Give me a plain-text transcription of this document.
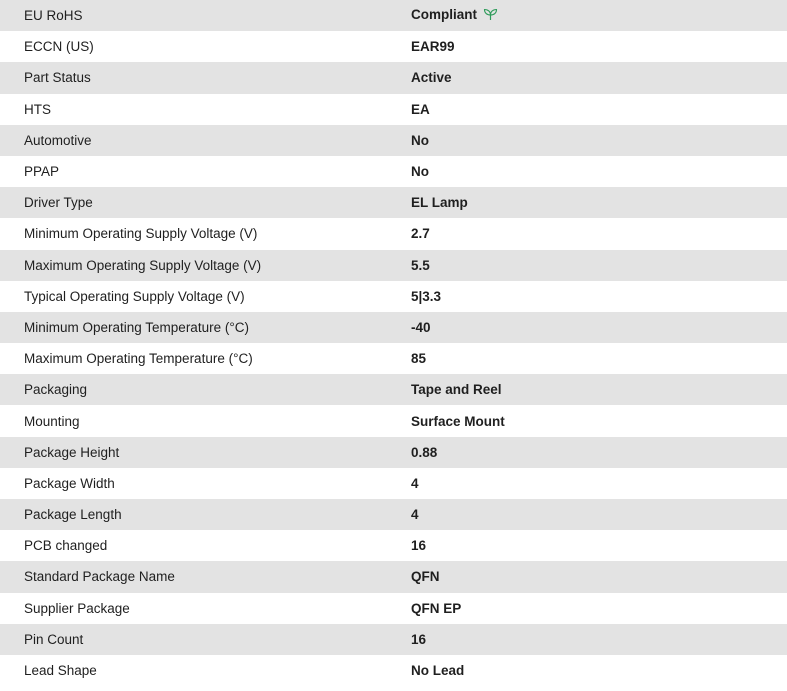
EU RoHS	Compliant
ECCN (US)	EAR99
Part Status	Active
HTS	EA
Automotive	No
PPAP	No
Driver Type	EL Lamp
Minimum Operating Supply Voltage (V)	2.7
Maximum Operating Supply Voltage (V)	5.5
Typical Operating Supply Voltage (V)	5|3.3
Minimum Operating Temperature (°C)	-40
Maximum Operating Temperature (°C)	85
Packaging	Tape and Reel
Mounting	Surface Mount
Package Height	0.88
Package Width	4
Package Length	4
PCB changed	16
Standard Package Name	QFN
Supplier Package	QFN EP
Pin Count	16
Lead Shape	No Lead
